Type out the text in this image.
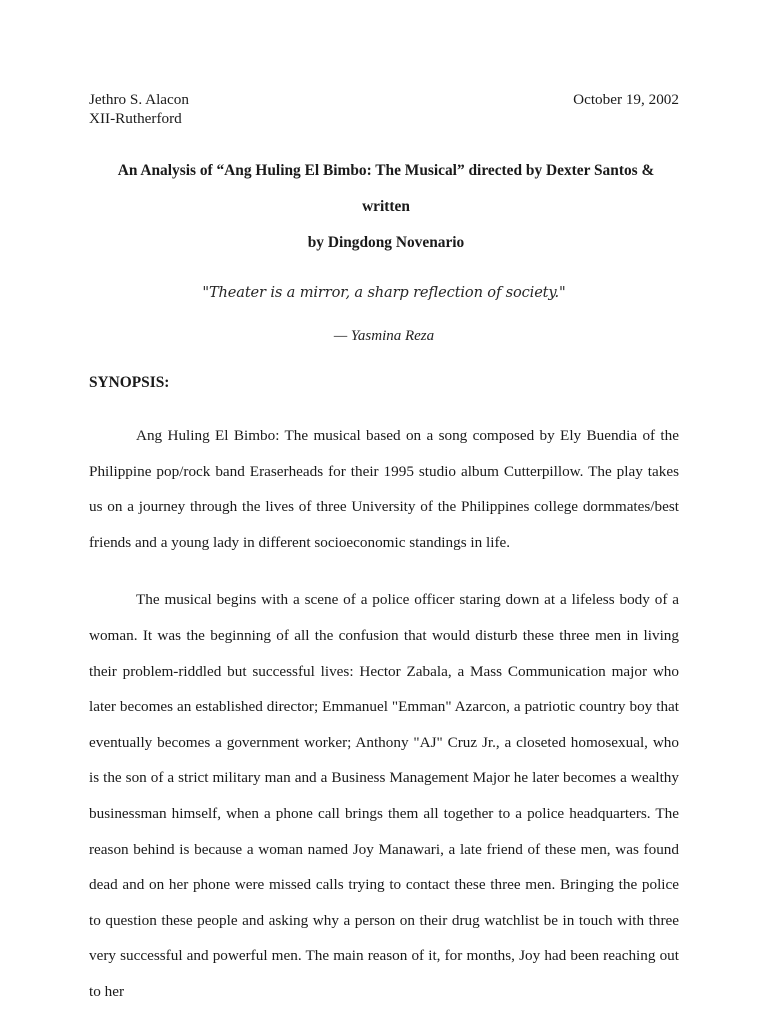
Jethro S. Alacon
XII-Rutherford
October 19, 2002
An Analysis of “Ang Huling El Bimbo: The Musical” directed by Dexter Santos & written
by Dingdong Novenario
"Theater is a mirror, a sharp reflection of society."
— Yasmina Reza
SYNOPSIS:

Ang Huling El Bimbo: The musical based on a song composed by Ely Buendia of the Philippine pop/rock band Eraserheads for their 1995 studio album Cutterpillow. The play takes us on a journey through the lives of three University of the Philippines college dormmates/best friends and a young lady in different socioeconomic standings in life.

The musical begins with a scene of a police officer staring down at a lifeless body of a woman. It was the beginning of all the confusion that would disturb these three men in living their problem-riddled but successful lives: Hector Zabala, a Mass Communication major who later becomes an established director; Emmanuel "Emman" Azarcon, a patriotic country boy that eventually becomes a government worker; Anthony "AJ" Cruz Jr., a closeted homosexual, who is the son of a strict military man and a Business Management Major he later becomes a wealthy businessman himself, when a phone call brings them all together to a police headquarters. The reason behind is because a woman named Joy Manawari, a late friend of these men, was found dead and on her phone were missed calls trying to contact these three men. Bringing the police to question these people and asking why a person on their drug watchlist be in touch with three very successful and powerful men. The main reason of it, for months, Joy had been reaching out to her
